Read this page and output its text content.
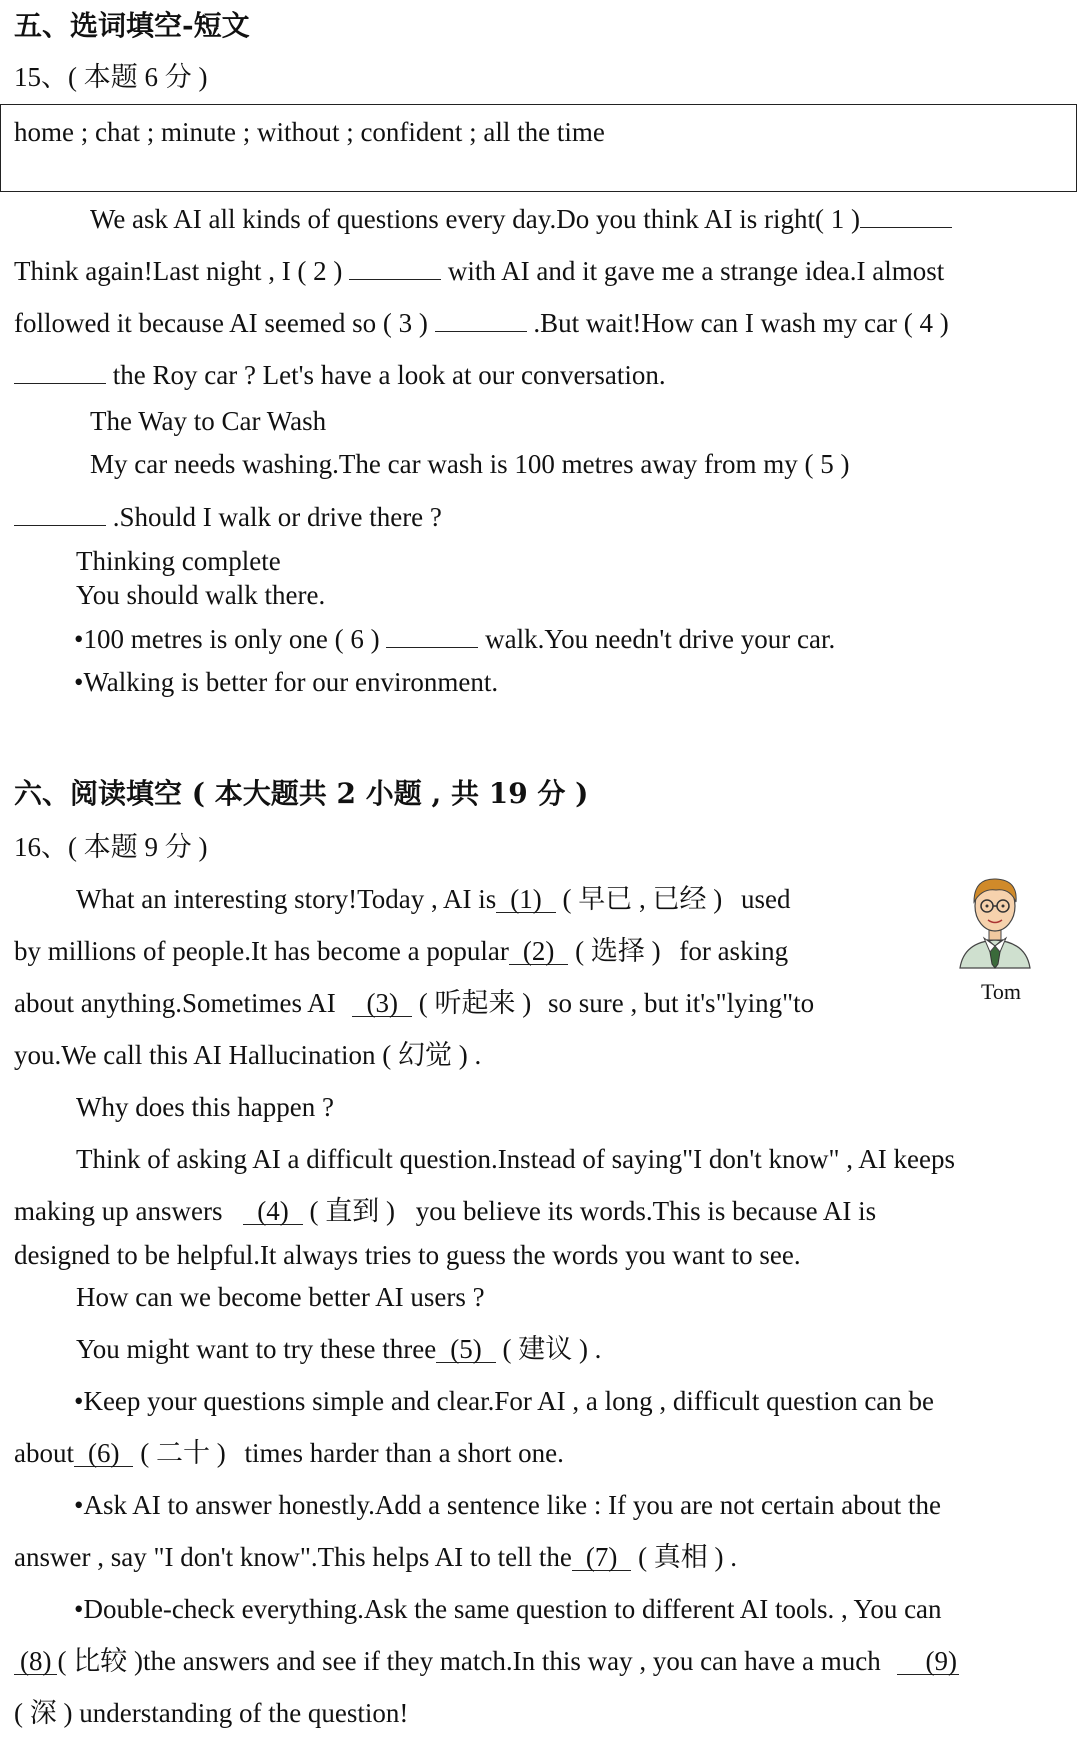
五、选词填空-短文
15、( 本题 6 分 )
home ; chat ; minute ; without ; confident ; all the time
We ask AI all kinds of questions every day.Do you think AI is right( 1 )
Think again!Last night , I ( 2 )	with AI and it gave me a strange idea.I almost
followed it because AI seemed so ( 3 )	.But wait!How can I wash my car ( 4 )
the Roy car ? Let's have a look at our conversation.
The Way to Car Wash
My car needs washing.The car wash is 100 metres away from my ( 5 )
.Should I walk or drive there ?
Thinking complete
You should walk there.
•100 metres is only one ( 6 )	walk.You needn't drive your car.
•Walking is better for our environment.
六、阅读填空 ( 本大题共 2 小题 , 共 19 分 )
16、( 本题 9 分 )
Tom
What an interesting story!Today , AI is (1) ( 早已 , 已经 ) used
by millions of people.It has become a popular (2) ( 选择 ) for asking
about anything.Sometimes AI (3) ( 听起来 ) so sure , but it's"lying"to
you.We call this AI Hallucination ( 幻觉 ) .
Why does this happen ?
Think of asking AI a difficult question.Instead of saying"I don't know" , AI keeps
making up answers (4) ( 直到 ) you believe its words.This is because AI is
designed to be helpful.It always tries to guess the words you want to see.
How can we become better AI users ?
You might want to try these three (5) ( 建议 ) .
•Keep your questions simple and clear.For AI , a long , difficult question can be
about (6) ( 二十 ) times harder than a short one.
•Ask AI to answer honestly.Add a sentence like : If you are not certain about the
answer , say "I don't know".This helps AI to tell the (7) ( 真相 ) .
•Double-check everything.Ask the same question to different AI tools. , You can
(8) ( 比较 )the answers and see if they match.In this way , you can have a much (9)
( 深 ) understanding of the question!
